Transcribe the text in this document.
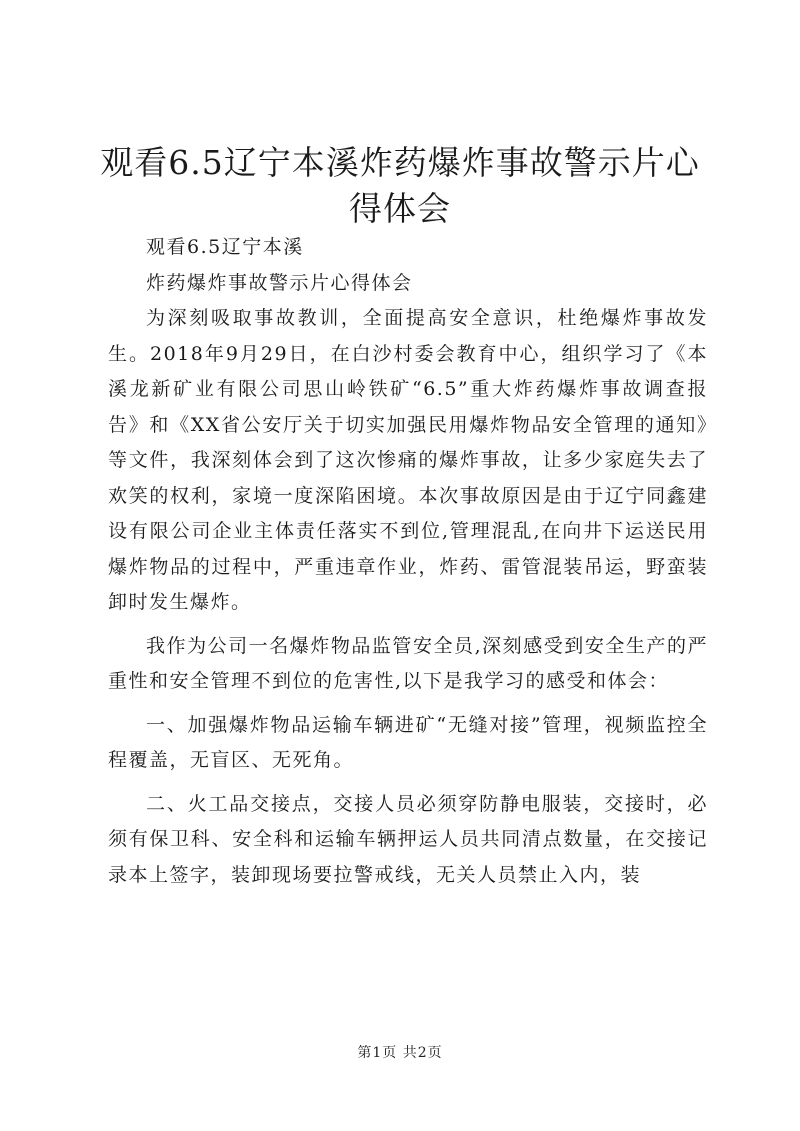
观看6.5辽宁本溪炸药爆炸事故警示片心得体会

观看6.5辽宁本溪

炸药爆炸事故警示片心得体会

为深刻吸取事故教训，全面提高安全意识，杜绝爆炸事故发生。2018年9月29日，在白沙村委会教育中心，组织学习了《本溪龙新矿业有限公司思山岭铁矿“6.5”重大炸药爆炸事故调查报告》和《XX省公安厅关于切实加强民用爆炸物品安全管理的通知》等文件，我深刻体会到了这次惨痛的爆炸事故，让多少家庭失去了欢笑的权利，家境一度深陷困境。本次事故原因是由于辽宁同鑫建设有限公司企业主体责任落实不到位,管理混乱,在向井下运送民用爆炸物品的过程中，严重违章作业，炸药、雷管混装吊运，野蛮装卸时发生爆炸。

我作为公司一名爆炸物品监管安全员,深刻感受到安全生产的严重性和安全管理不到位的危害性,以下是我学习的感受和体会：

一、加强爆炸物品运输车辆进矿“无缝对接”管理，视频监控全程覆盖，无盲区、无死角。

二、火工品交接点，交接人员必须穿防静电服装，交接时，必须有保卫科、安全科和运输车辆押运人员共同清点数量，在交接记录本上签字，装卸现场要拉警戒线，无关人员禁止入内，装

第1页 共2页
